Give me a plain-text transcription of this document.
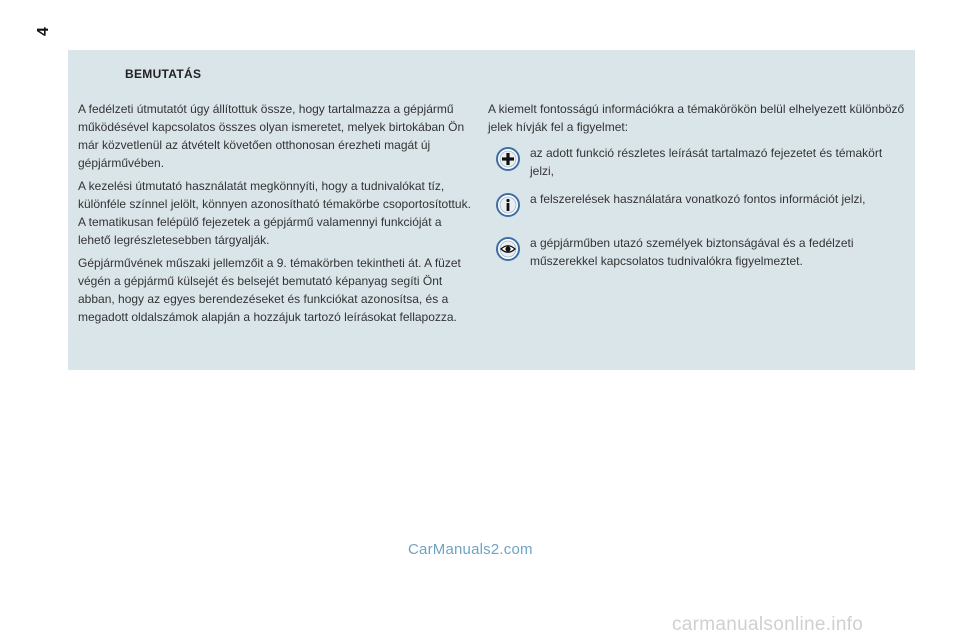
4
BEMUTATÁS

A fedélzeti útmutatót úgy állítottuk össze, hogy tartalmazza a gépjármű működésével kapcsolatos összes olyan ismeretet, melyek birtokában Ön már közvetlenül az átvételt követően otthonosan érezheti magát új gépjárművében.

A kezelési útmutató használatát megkönnyíti, hogy a tudnivalókat tíz, különféle színnel jelölt, könnyen azonosítható témakörbe csoportosítottuk. A tematikusan felépülő fejezetek a gépjármű valamennyi funkcióját a lehető legrészletesebben tárgyalják.

Gépjárművének műszaki jellemzőit a 9. témakörben tekintheti át. A füzet végén a gépjármű külsejét és belsejét bemutató képanyag segíti Önt abban, hogy az egyes berendezéseket és funkciókat azonosítsa, és a megadott oldalszámok alapján a hozzájuk tartozó leírásokat fellapozza.

A kiemelt fontosságú információkra a témakörökön belül elhelyezett különböző jelek hívják fel a figyelmet:

az adott funkció részletes leírását tartalmazó fejezetet és témakört jelzi,
a felszerelések használatára vonatkozó fontos információt jelzi,
a gépjárműben utazó személyek biztonságával és a fedélzeti műszerekkel kapcsolatos tudnivalókra figyelmeztet.
CarManuals2.com
carmanualsonline.info
